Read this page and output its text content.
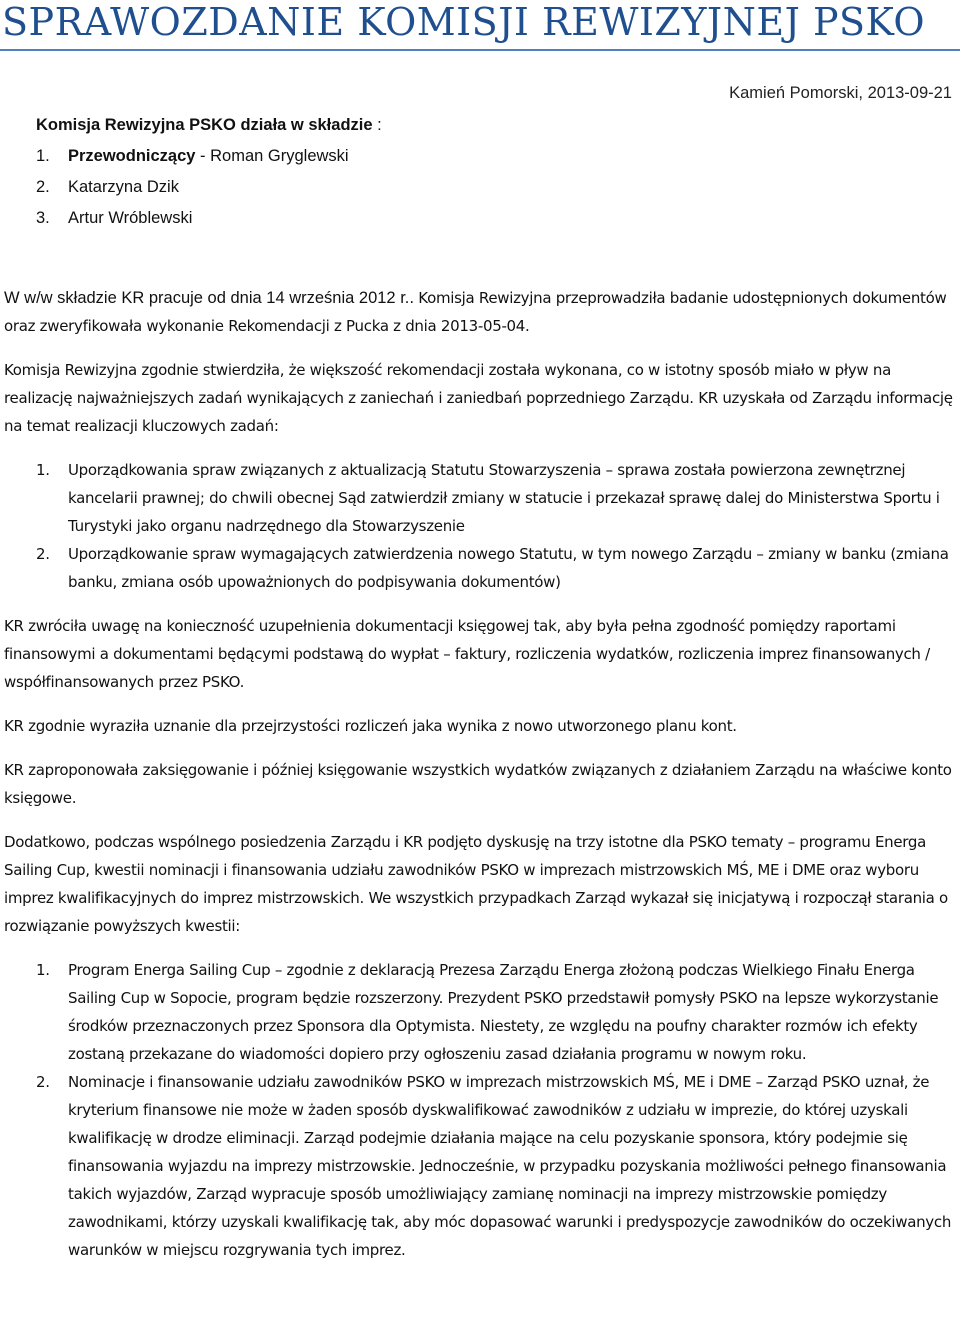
SPRAWOZDANIE KOMISJI REWIZYJNEJ PSKO
Kamień Pomorski, 2013-09-21
Komisja Rewizyjna PSKO działa w składzie :
1. Przewodniczący - Roman Gryglewski
2. Katarzyna Dzik
3. Artur Wróblewski

W w/w składzie KR pracuje od dnia 14 września 2012 r.. Komisja Rewizyjna przeprowadziła badanie udostępnionych dokumentów oraz zweryfikowała wykonanie Rekomendacji z Pucka z dnia 2013-05-04.

Komisja Rewizyjna zgodnie stwierdziła, że większość rekomendacji została wykonana, co w istotny sposób miało w pływ na realizację najważniejszych zadań wynikających z zaniechań i zaniedbań poprzedniego Zarządu. KR uzyskała od Zarządu informację na temat realizacji kluczowych zadań:

1. Uporządkowania spraw związanych z aktualizacją Statutu Stowarzyszenia – sprawa została powierzona zewnętrznej kancelarii prawnej; do chwili obecnej Sąd zatwierdził zmiany w statucie i przekazał sprawę dalej do Ministerstwa Sportu i Turystyki jako organu nadrzędnego dla Stowarzyszenie
2. Uporządkowanie spraw wymagających zatwierdzenia nowego Statutu, w tym nowego Zarządu – zmiany w banku (zmiana banku, zmiana osób upoważnionych do podpisywania dokumentów)

KR zwróciła uwagę na konieczność uzupełnienia dokumentacji księgowej tak, aby była pełna zgodność pomiędzy raportami finansowymi a dokumentami będącymi podstawą do wypłat – faktury, rozliczenia wydatków, rozliczenia imprez finansowanych / współfinansowanych przez PSKO.

KR zgodnie wyraziła uznanie dla przejrzystości rozliczeń jaka wynika z nowo utworzonego planu kont.

KR zaproponowała zaksięgowanie i później księgowanie wszystkich wydatków związanych z działaniem Zarządu na właściwe konto księgowe.

Dodatkowo, podczas wspólnego posiedzenia Zarządu i KR podjęto dyskusję na trzy istotne dla PSKO tematy – programu Energa Sailing Cup, kwestii nominacji i finansowania udziału zawodników PSKO w imprezach mistrzowskich MŚ, ME i DME oraz wyboru imprez kwalifikacyjnych do imprez mistrzowskich. We wszystkich przypadkach Zarząd wykazał się inicjatywą i rozpoczął starania o rozwiązanie powyższych kwestii:

1. Program Energa Sailing Cup – zgodnie z deklaracją Prezesa Zarządu Energa złożoną podczas Wielkiego Finału Energa Sailing Cup w Sopocie, program będzie rozszerzony. Prezydent PSKO przedstawił pomysły PSKO na lepsze wykorzystanie środków przeznaczonych przez Sponsora dla Optymista. Niestety, ze względu na poufny charakter rozmów ich efekty zostaną przekazane do wiadomości dopiero przy ogłoszeniu zasad działania programu w nowym roku.
2. Nominacje i finansowanie udziału zawodników PSKO w imprezach mistrzowskich MŚ, ME i DME – Zarząd PSKO uznał, że kryterium finansowe nie może w żaden sposób dyskwalifikować zawodników z udziału w imprezie, do której uzyskali kwalifikację w drodze eliminacji. Zarząd podejmie działania mające na celu pozyskanie sponsora, który podejmie się finansowania wyjazdu na imprezy mistrzowskie. Jednocześnie, w przypadku pozyskania możliwości pełnego finansowania takich wyjazdów, Zarząd wypracuje sposób umożliwiający zamianę nominacji na imprezy mistrzowskie pomiędzy zawodnikami, którzy uzyskali kwalifikację tak, aby móc dopasować warunki i predyspozycje zawodników do oczekiwanych warunków w miejscu rozgrywania tych imprez.
